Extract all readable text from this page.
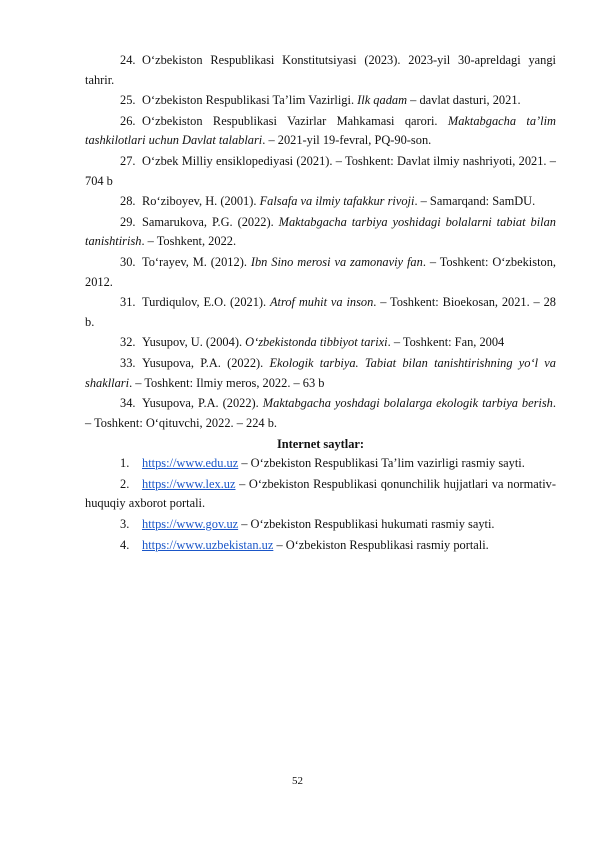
24. O‘zbekiston Respublikasi Konstitutsiyasi (2023). 2023-yil 30-apreldagi yangi tahrir.

25. O‘zbekiston Respublikasi Ta’lim Vazirligi. Ilk qadam – davlat dasturi, 2021.

26. O‘zbekiston Respublikasi Vazirlar Mahkamasi qarori. Maktabgacha ta’lim tashkilotlari uchun Davlat talablari. – 2021-yil 19-fevral, PQ-90-son.

27. O‘zbek Milliy ensiklopediyasi (2021). – Toshkent: Davlat ilmiy nashriyoti, 2021. – 704 b

28. Ro‘ziboyev, H. (2001). Falsafa va ilmiy tafakkur rivoji. – Samarqand: SamDU.

29. Samarukova, P.G. (2022). Maktabgacha tarbiya yoshidagi bolalarni tabiat bilan tanishtirish. – Toshkent, 2022.

30. To‘rayev, M. (2012). Ibn Sino merosi va zamonaviy fan. – Toshkent: O‘zbekiston, 2012.

31. Turdiqulov, E.O. (2021). Atrof muhit va inson. – Toshkent: Bioekosan, 2021. – 28 b.

32. Yusupov, U. (2004). O‘zbekistonda tibbiyot tarixi. – Toshkent: Fan, 2004

33. Yusupova, P.A. (2022). Ekologik tarbiya. Tabiat bilan tanishtirishning yo‘l va shakllari. – Toshkent: Ilmiy meros, 2022. – 63 b

34. Yusupova, P.A. (2022). Maktabgacha yoshdagi bolalarga ekologik tarbiya berish. – Toshkent: O‘qituvchi, 2022. – 224 b.

Internet saytlar:

1. https://www.edu.uz – O‘zbekiston Respublikasi Ta’lim vazirligi rasmiy sayti.

2. https://www.lex.uz – O‘zbekiston Respublikasi qonunchilik hujjatlari va normativ-huquqiy axborot portali.

3. https://www.gov.uz – O‘zbekiston Respublikasi hukumati rasmiy sayti.

4. https://www.uzbekistan.uz – O‘zbekiston Respublikasi rasmiy portali.

52
